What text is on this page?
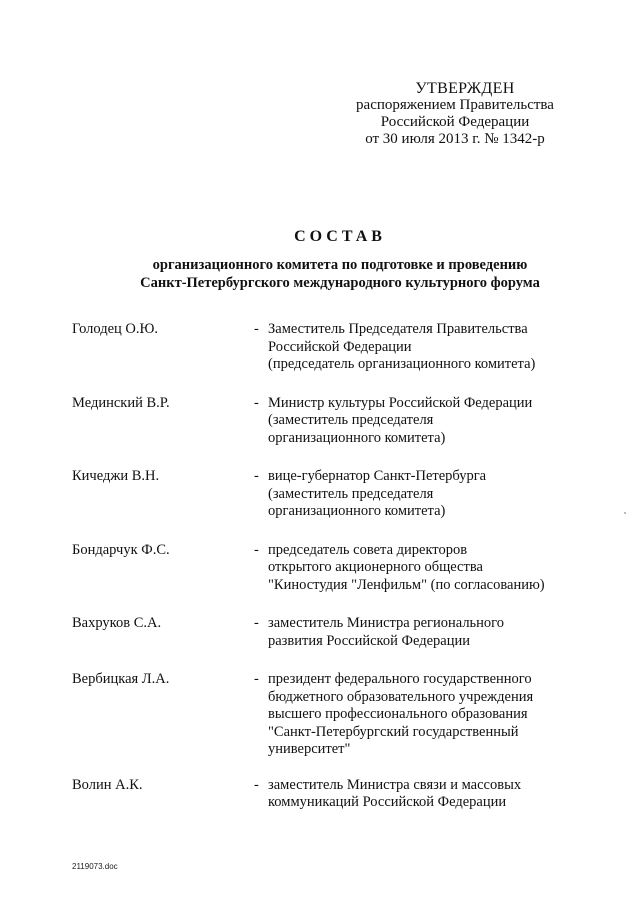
УТВЕРЖДЕН
распоряжением Правительства
Российской Федерации
от 30 июля 2013 г. № 1342-р
СОСТАВ
организационного комитета по подготовке и проведению
Санкт-Петербургского международного культурного форума
Голодец О.Ю.	- Заместитель Председателя Правительства
Российской Федерации
(председатель организационного комитета)
Мединский В.Р.	- Министр культуры Российской Федерации
(заместитель председателя
организационного комитета)
Кичеджи В.Н.	- вице-губернатор Санкт-Петербурга
(заместитель председателя
организационного комитета)
Бондарчук Ф.С.	- председатель совета директоров
открытого акционерного общества
"Киностудия "Ленфильм" (по согласованию)
Вахруков С.А.	- заместитель Министра регионального
развития Российской Федерации
Вербицкая Л.А.	- президент федерального государственного
бюджетного образовательного учреждения
высшего профессионального образования
"Санкт-Петербургский государственный
университет"
Волин А.К.	- заместитель Министра связи и массовых
коммуникаций Российской Федерации
2119073.doc
